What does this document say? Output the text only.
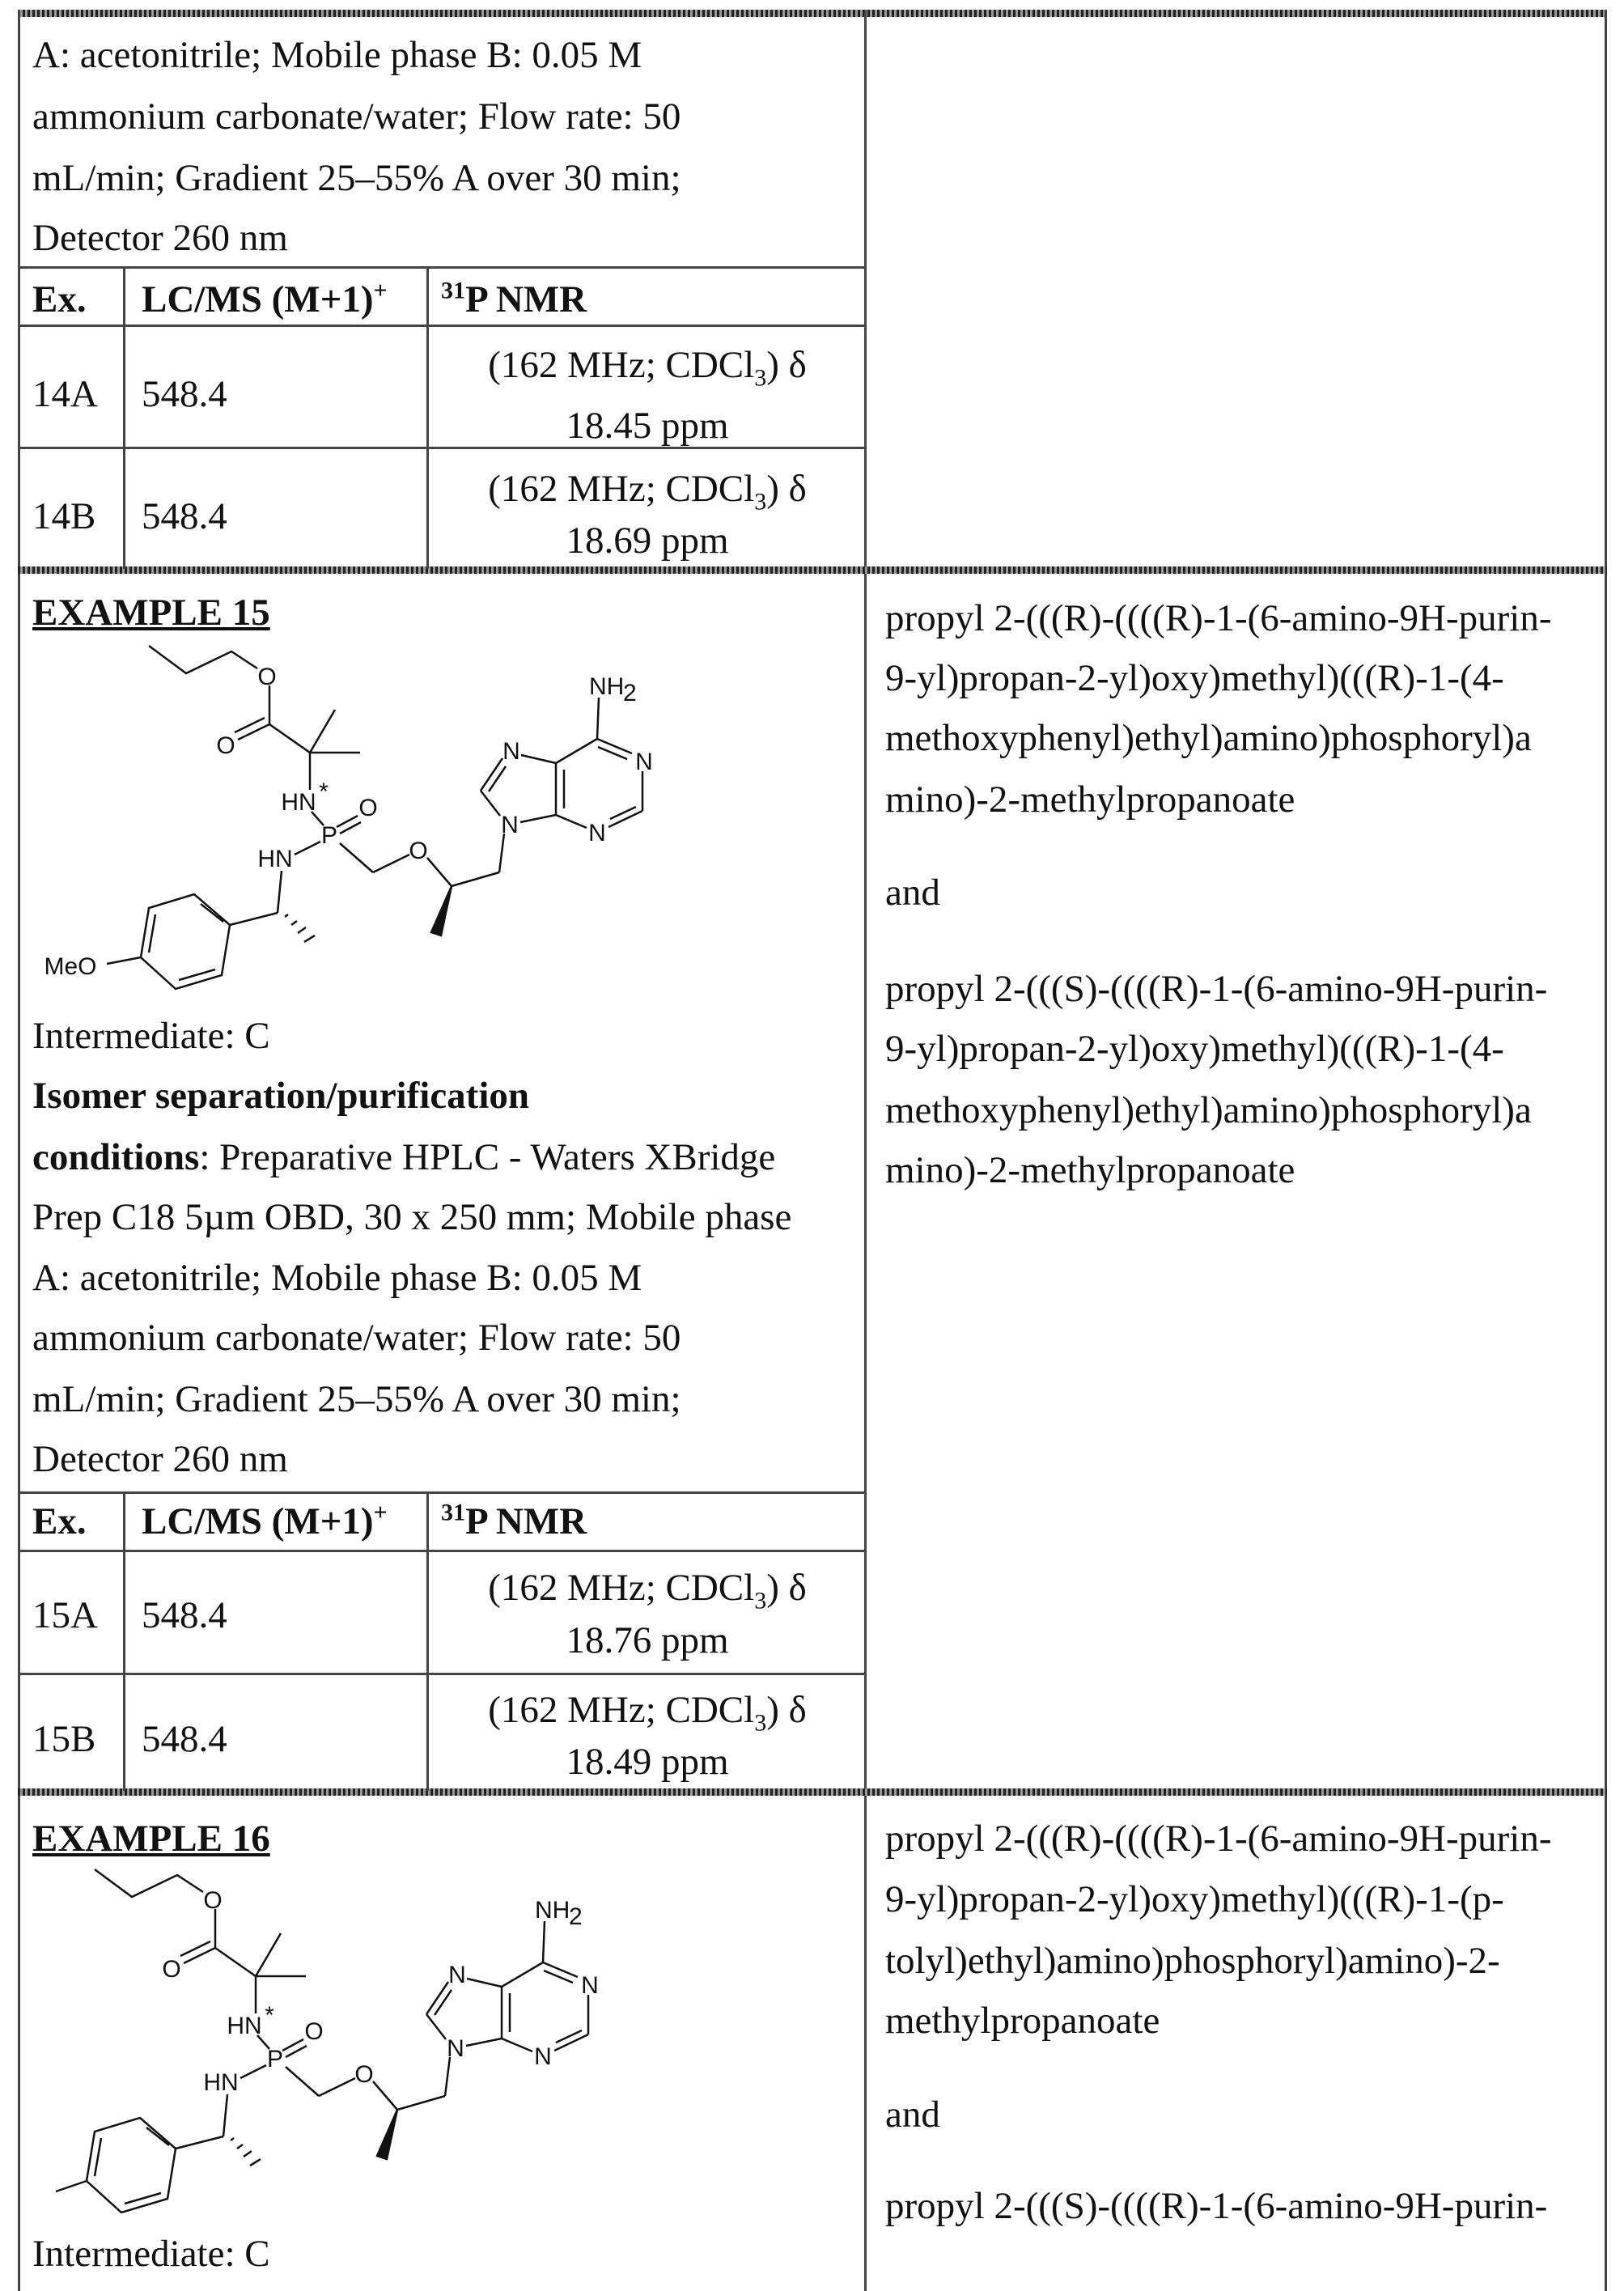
A: acetonitrile; Mobile phase B: 0.05 M
ammonium carbonate/water; Flow rate: 50
mL/min; Gradient 25–55% A over 30 min;
Detector 260 nm
Ex. LC/MS (M+1)+ 31P NMR
14A 548.4
(162 MHz; CDCl3) δ
18.45 ppm
14B 548.4
(162 MHz; CDCl3) δ
18.69 ppm
EXAMPLE 15
Intermediate: C
Isomer separation/purification
conditions: Preparative HPLC - Waters XBridge
Prep C18 5µm OBD, 30 x 250 mm; Mobile phase
A: acetonitrile; Mobile phase B: 0.05 M
ammonium carbonate/water; Flow rate: 50
mL/min; Gradient 25–55% A over 30 min;
Detector 260 nm
Ex. LC/MS (M+1)+ 31P NMR
15A 548.4
(162 MHz; CDCl3) δ
18.76 ppm
15B 548.4
(162 MHz; CDCl3) δ
18.49 ppm
propyl 2-(((R)-((((R)-1-(6-amino-9H-purin-
9-yl)propan-2-yl)oxy)methyl)(((R)-1-(4-
methoxyphenyl)ethyl)amino)phosphoryl)a
mino)-2-methylpropanoate
and
propyl 2-(((S)-((((R)-1-(6-amino-9H-purin-
9-yl)propan-2-yl)oxy)methyl)(((R)-1-(4-
methoxyphenyl)ethyl)amino)phosphoryl)a
mino)-2-methylpropanoate
EXAMPLE 16
Intermediate: C
propyl 2-(((R)-((((R)-1-(6-amino-9H-purin-
9-yl)propan-2-yl)oxy)methyl)(((R)-1-(p-
tolyl)ethyl)amino)phosphoryl)amino)-2-
methylpropanoate
and
propyl 2-(((S)-((((R)-1-(6-amino-9H-purin-
O
O
HN *
P
O
HN	O
N
N
N
N
NH
2
MeO
O
O
HN *
P
O
HN	O
N
N
N
N
NH
2
